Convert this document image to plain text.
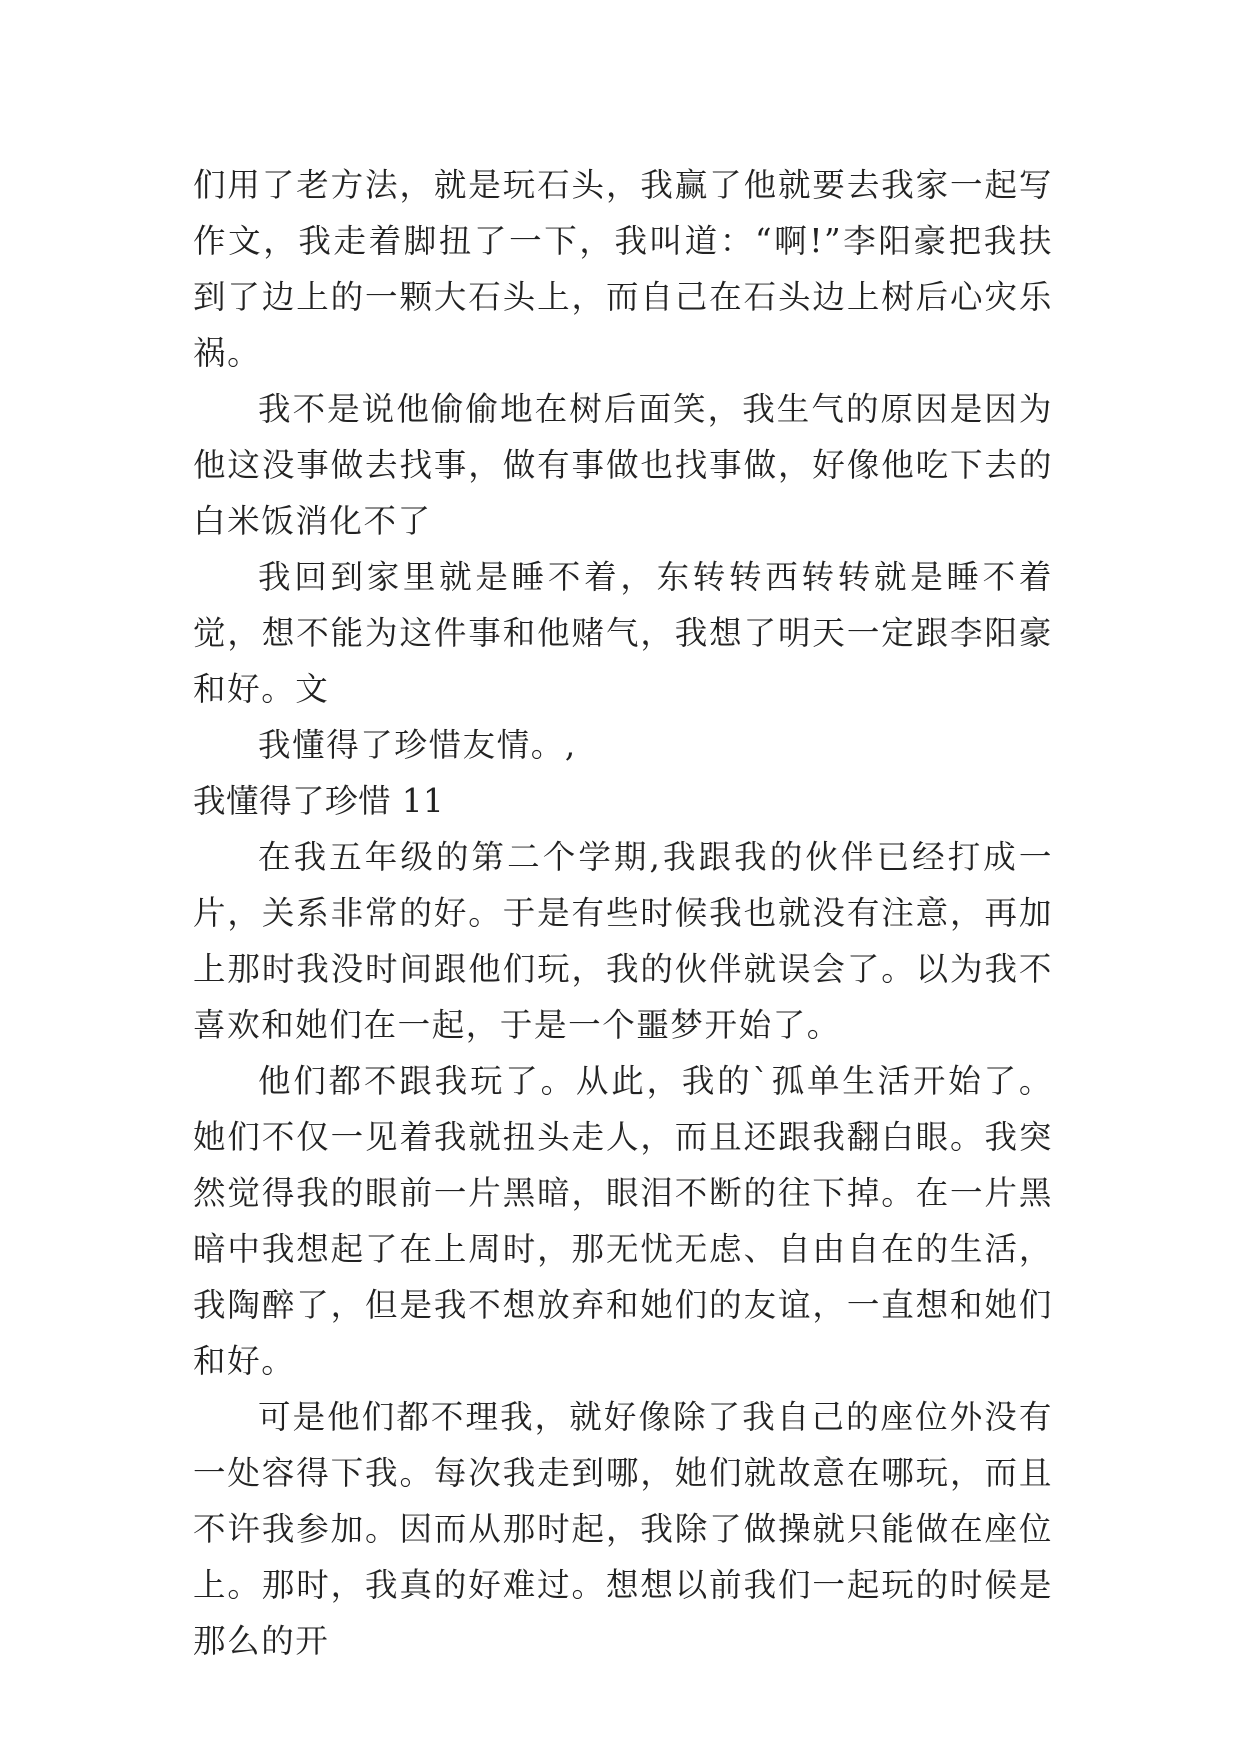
们用了老方法，就是玩石头，我赢了他就要去我家一起写作文，我走着脚扭了一下，我叫道：“啊!”李阳豪把我扶到了边上的一颗大石头上，而自己在石头边上树后心灾乐祸。

我不是说他偷偷地在树后面笑，我生气的原因是因为他这没事做去找事，做有事做也找事做，好像他吃下去的白米饭消化不了

我回到家里就是睡不着，东转转西转转就是睡不着觉，想不能为这件事和他赌气，我想了明天一定跟李阳豪和好。文

我懂得了珍惜友情。,

我懂得了珍惜 11

在我五年级的第二个学期,我跟我的伙伴已经打成一片，关系非常的好。于是有些时候我也就没有注意，再加上那时我没时间跟他们玩，我的伙伴就误会了。以为我不喜欢和她们在一起，于是一个噩梦开始了。

他们都不跟我玩了。从此，我的`孤单生活开始了。她们不仅一见着我就扭头走人，而且还跟我翻白眼。我突然觉得我的眼前一片黑暗，眼泪不断的往下掉。在一片黑暗中我想起了在上周时，那无忧无虑、自由自在的生活，我陶醉了，但是我不想放弃和她们的友谊，一直想和她们和好。

可是他们都不理我，就好像除了我自己的座位外没有一处容得下我。每次我走到哪，她们就故意在哪玩，而且不许我参加。因而从那时起，我除了做操就只能做在座位上。那时，我真的好难过。想想以前我们一起玩的时候是那么的开
